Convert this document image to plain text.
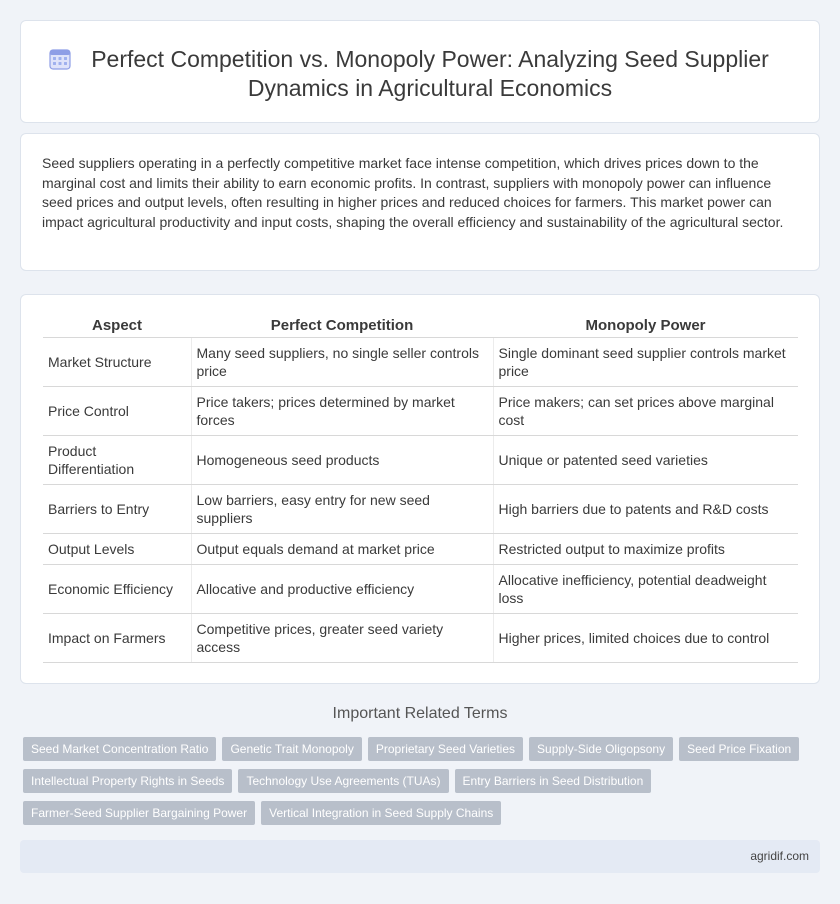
Perfect Competition vs. Monopoly Power: Analyzing Seed Supplier Dynamics in Agricultural Economics

Seed suppliers operating in a perfectly competitive market face intense competition, which drives prices down to the marginal cost and limits their ability to earn economic profits. In contrast, suppliers with monopoly power can influence seed prices and output levels, often resulting in higher prices and reduced choices for farmers. This market power can impact agricultural productivity and input costs, shaping the overall efficiency and sustainability of the agricultural sector.

Aspect	Perfect Competition	Monopoly Power
Market Structure	Many seed suppliers, no single seller controls price	Single dominant seed supplier controls market price
Price Control	Price takers; prices determined by market forces	Price makers; can set prices above marginal cost
Product Differentiation	Homogeneous seed products	Unique or patented seed varieties
Barriers to Entry	Low barriers, easy entry for new seed suppliers	High barriers due to patents and R&D costs
Output Levels	Output equals demand at market price	Restricted output to maximize profits
Economic Efficiency	Allocative and productive efficiency	Allocative inefficiency, potential deadweight loss
Impact on Farmers	Competitive prices, greater seed variety access	Higher prices, limited choices due to control
Important Related Terms
Seed Market Concentration Ratio	Genetic Trait Monopoly	Proprietary Seed Varieties	Supply-Side Oligopsony	Seed Price Fixation
Intellectual Property Rights in Seeds	Technology Use Agreements (TUAs)	Entry Barriers in Seed Distribution
Farmer-Seed Supplier Bargaining Power	Vertical Integration in Seed Supply Chains
agridif.com
